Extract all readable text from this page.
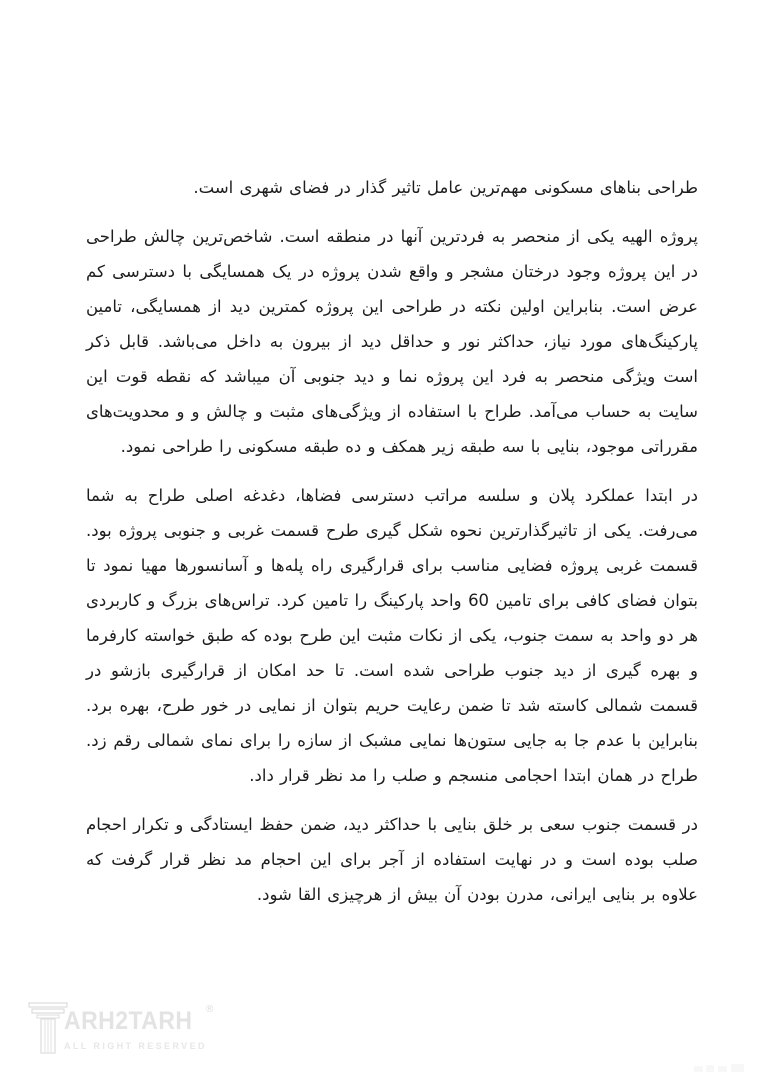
طراحی بناهای مسکونی مهم‌ترین عامل تاثیر گذار در فضای شهری است.

پروژه الهیه یکی از منحصر به فردترین آنها در منطقه است. شاخص‌ترین چالش طراحی در این پروژه وجود درختان مشجر و واقع شدن پروژه در یک همسایگی با دسترسی کم عرض است. بنابراین اولین نکته در طراحی این پروژه کمترین دید از همسایگی، تامین پارکینگ‌های مورد نیاز، حداکثر نور و حداقل دید از بیرون به داخل می‌باشد. قابل ذکر است ویژگی منحصر به فرد این پروژه نما و دید جنوبی آن میباشد که نقطه قوت این سایت به حساب می‌آمد. طراح با استفاده از ویژگی‌های مثبت و چالش و و محدویت‌های مقرراتی موجود، بنایی با سه طبقه زیر همکف و ده طبقه مسکونی را طراحی نمود.

در ابتدا عملکرد پلان و سلسه مراتب دسترسی فضاها، دغدغه اصلی طراح به شما می‌رفت. یکی از تاثیرگذارترین نحوه شکل گیری طرح قسمت غربی و جنوبی پروژه بود. قسمت غربی پروژه فضایی مناسب برای قرارگیری راه پله‌ها و آسانسورها مهیا نمود تا بتوان فضای کافی برای تامین 60 واحد پارکینگ را تامین کرد. تراس‌های بزرگ و کاربردی هر دو واحد به سمت جنوب، یکی از نکات مثبت این طرح بوده که طبق خواسته کارفرما و بهره گیری از دید جنوب طراحی شده است. تا حد امکان از قرارگیری بازشو در قسمت شمالی کاسته شد تا ضمن رعایت حریم بتوان از نمایی در خور طرح، بهره برد. بنابراین با عدم جا به جایی ستون‌ها نمایی مشبک از سازه را برای نمای شمالی رقم زد. طراح در همان ابتدا احجامی منسجم و صلب را مد نظر قرار داد.

در قسمت جنوب سعی بر خلق بنایی با حداکثر دید، ضمن حفظ ایستادگی و تکرار احجام صلب بوده است و در نهایت استفاده از آجر برای این احجام مد نظر قرار گرفت که علاوه بر بنایی ایرانی، مدرن بودن آن بیش از هرچیزی القا شود.

ARH2TARH ®
ALL RIGHT RESERVED
